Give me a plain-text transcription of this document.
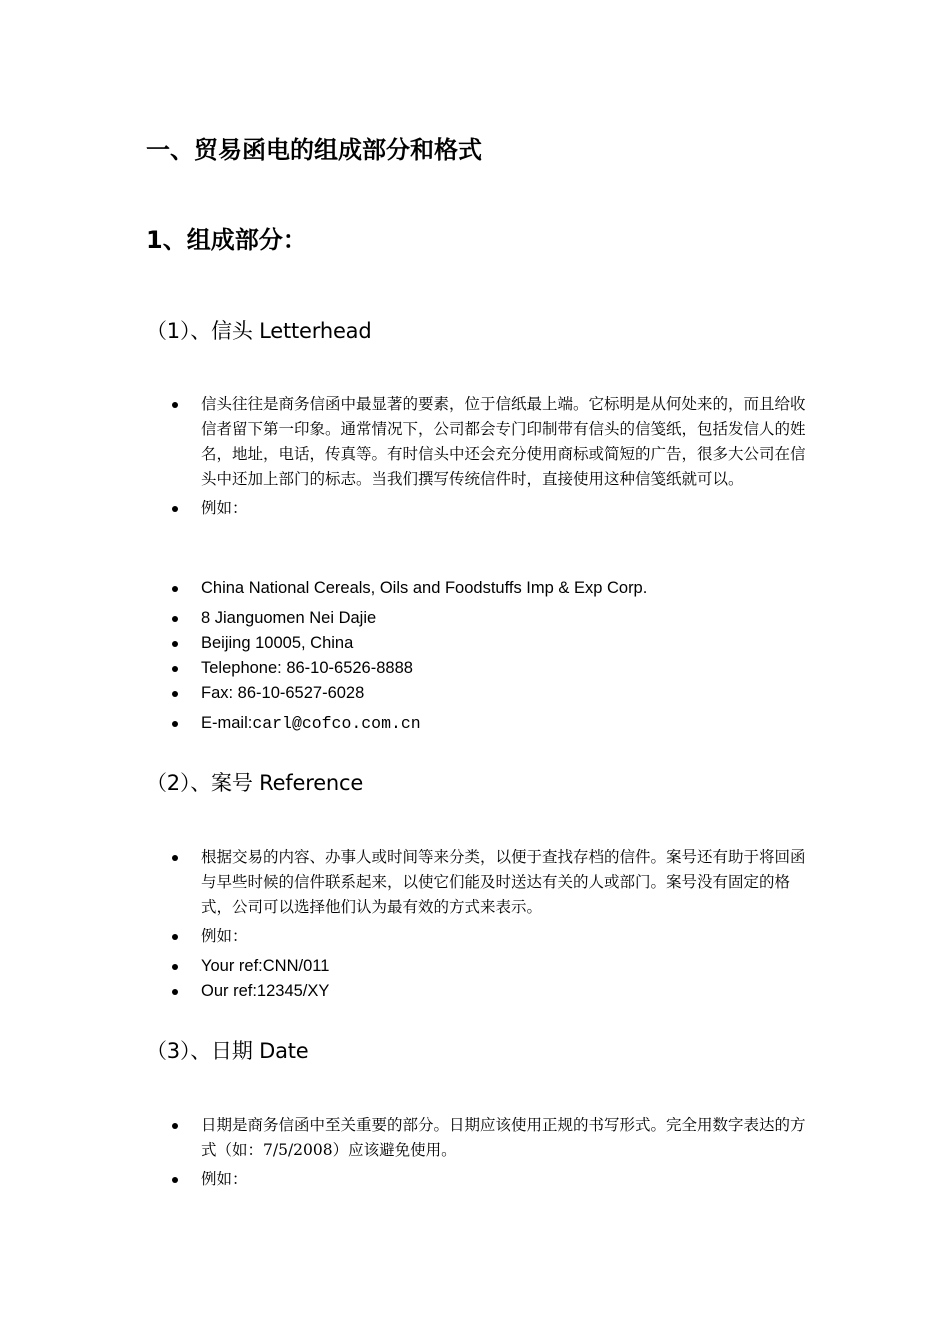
一、贸易函电的组成部分和格式
1、组成部分：
（1）、信头 Letterhead
信头往往是商务信函中最显著的要素，位于信纸最上端。它标明是从何处来的，而且给收信者留下第一印象。通常情况下，公司都会专门印制带有信头的信笺纸，包括发信人的姓名，地址，电话，传真等。有时信头中还会充分使用商标或简短的广告，很多大公司在信头中还加上部门的标志。当我们撰写传统信件时，直接使用这种信笺纸就可以。
例如：
China National Cereals, Oils and Foodstuffs Imp & Exp Corp.
8 Jianguomen Nei Dajie
Beijing 10005, China
Telephone: 86-10-6526-8888
Fax: 86-10-6527-6028
E-mail:carl@cofco.com.cn
（2）、案号 Reference
根据交易的内容、办事人或时间等来分类，以便于查找存档的信件。案号还有助于将回函与早些时候的信件联系起来，以使它们能及时送达有关的人或部门。案号没有固定的格式，公司可以选择他们认为最有效的方式来表示。
例如：
Your ref:CNN/011
Our ref:12345/XY
（3）、日期 Date
日期是商务信函中至关重要的部分。日期应该使用正规的书写形式。完全用数字表达的方式（如：7/5/2008）应该避免使用。
例如：
